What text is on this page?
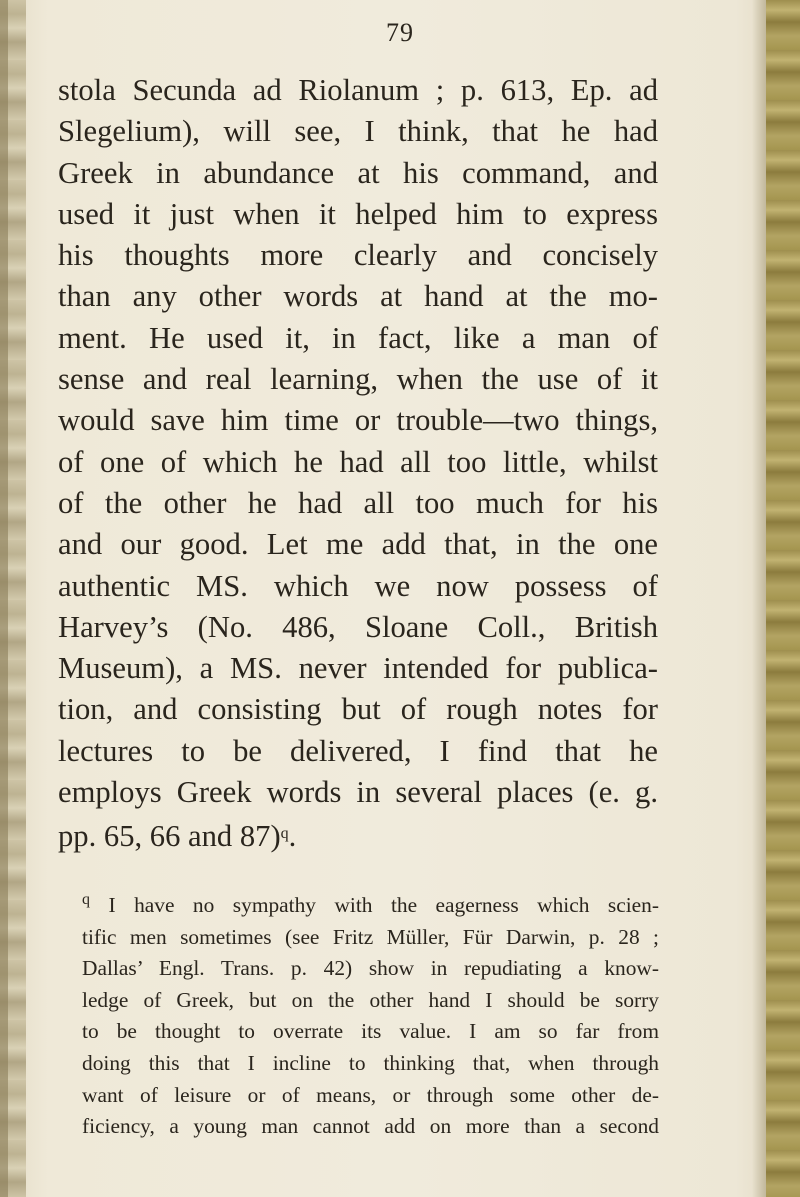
79
stola Secunda ad Riolanum ; p. 613, Ep. ad
Slegelium), will see, I think, that he had
Greek in abundance at his command, and
used it just when it helped him to express
his thoughts more clearly and concisely
than any other words at hand at the mo-
ment. He used it, in fact, like a man of
sense and real learning, when the use of it
would save him time or trouble—two things,
of one of which he had all too little, whilst
of the other he had all too much for his
and our good. Let me add that, in the one
authentic MS. which we now possess of
Harvey’s (No. 486, Sloane Coll., British
Museum), a MS. never intended for publica-
tion, and consisting but of rough notes for
lectures to be delivered, I find that he
employs Greek words in several places (e. g.
pp. 65, 66 and 87)$^q$.
$^q$ I have no sympathy with the eagerness which scien-
tific men sometimes (see Fritz Müller, Für Darwin, p. 28 ;
Dallas’ Engl. Trans. p. 42) show in repudiating a know-
ledge of Greek, but on the other hand I should be sorry
to be thought to overrate its value. I am so far from
doing this that I incline to thinking that, when through
want of leisure or of means, or through some other de-
ficiency, a young man cannot add on more than a second
